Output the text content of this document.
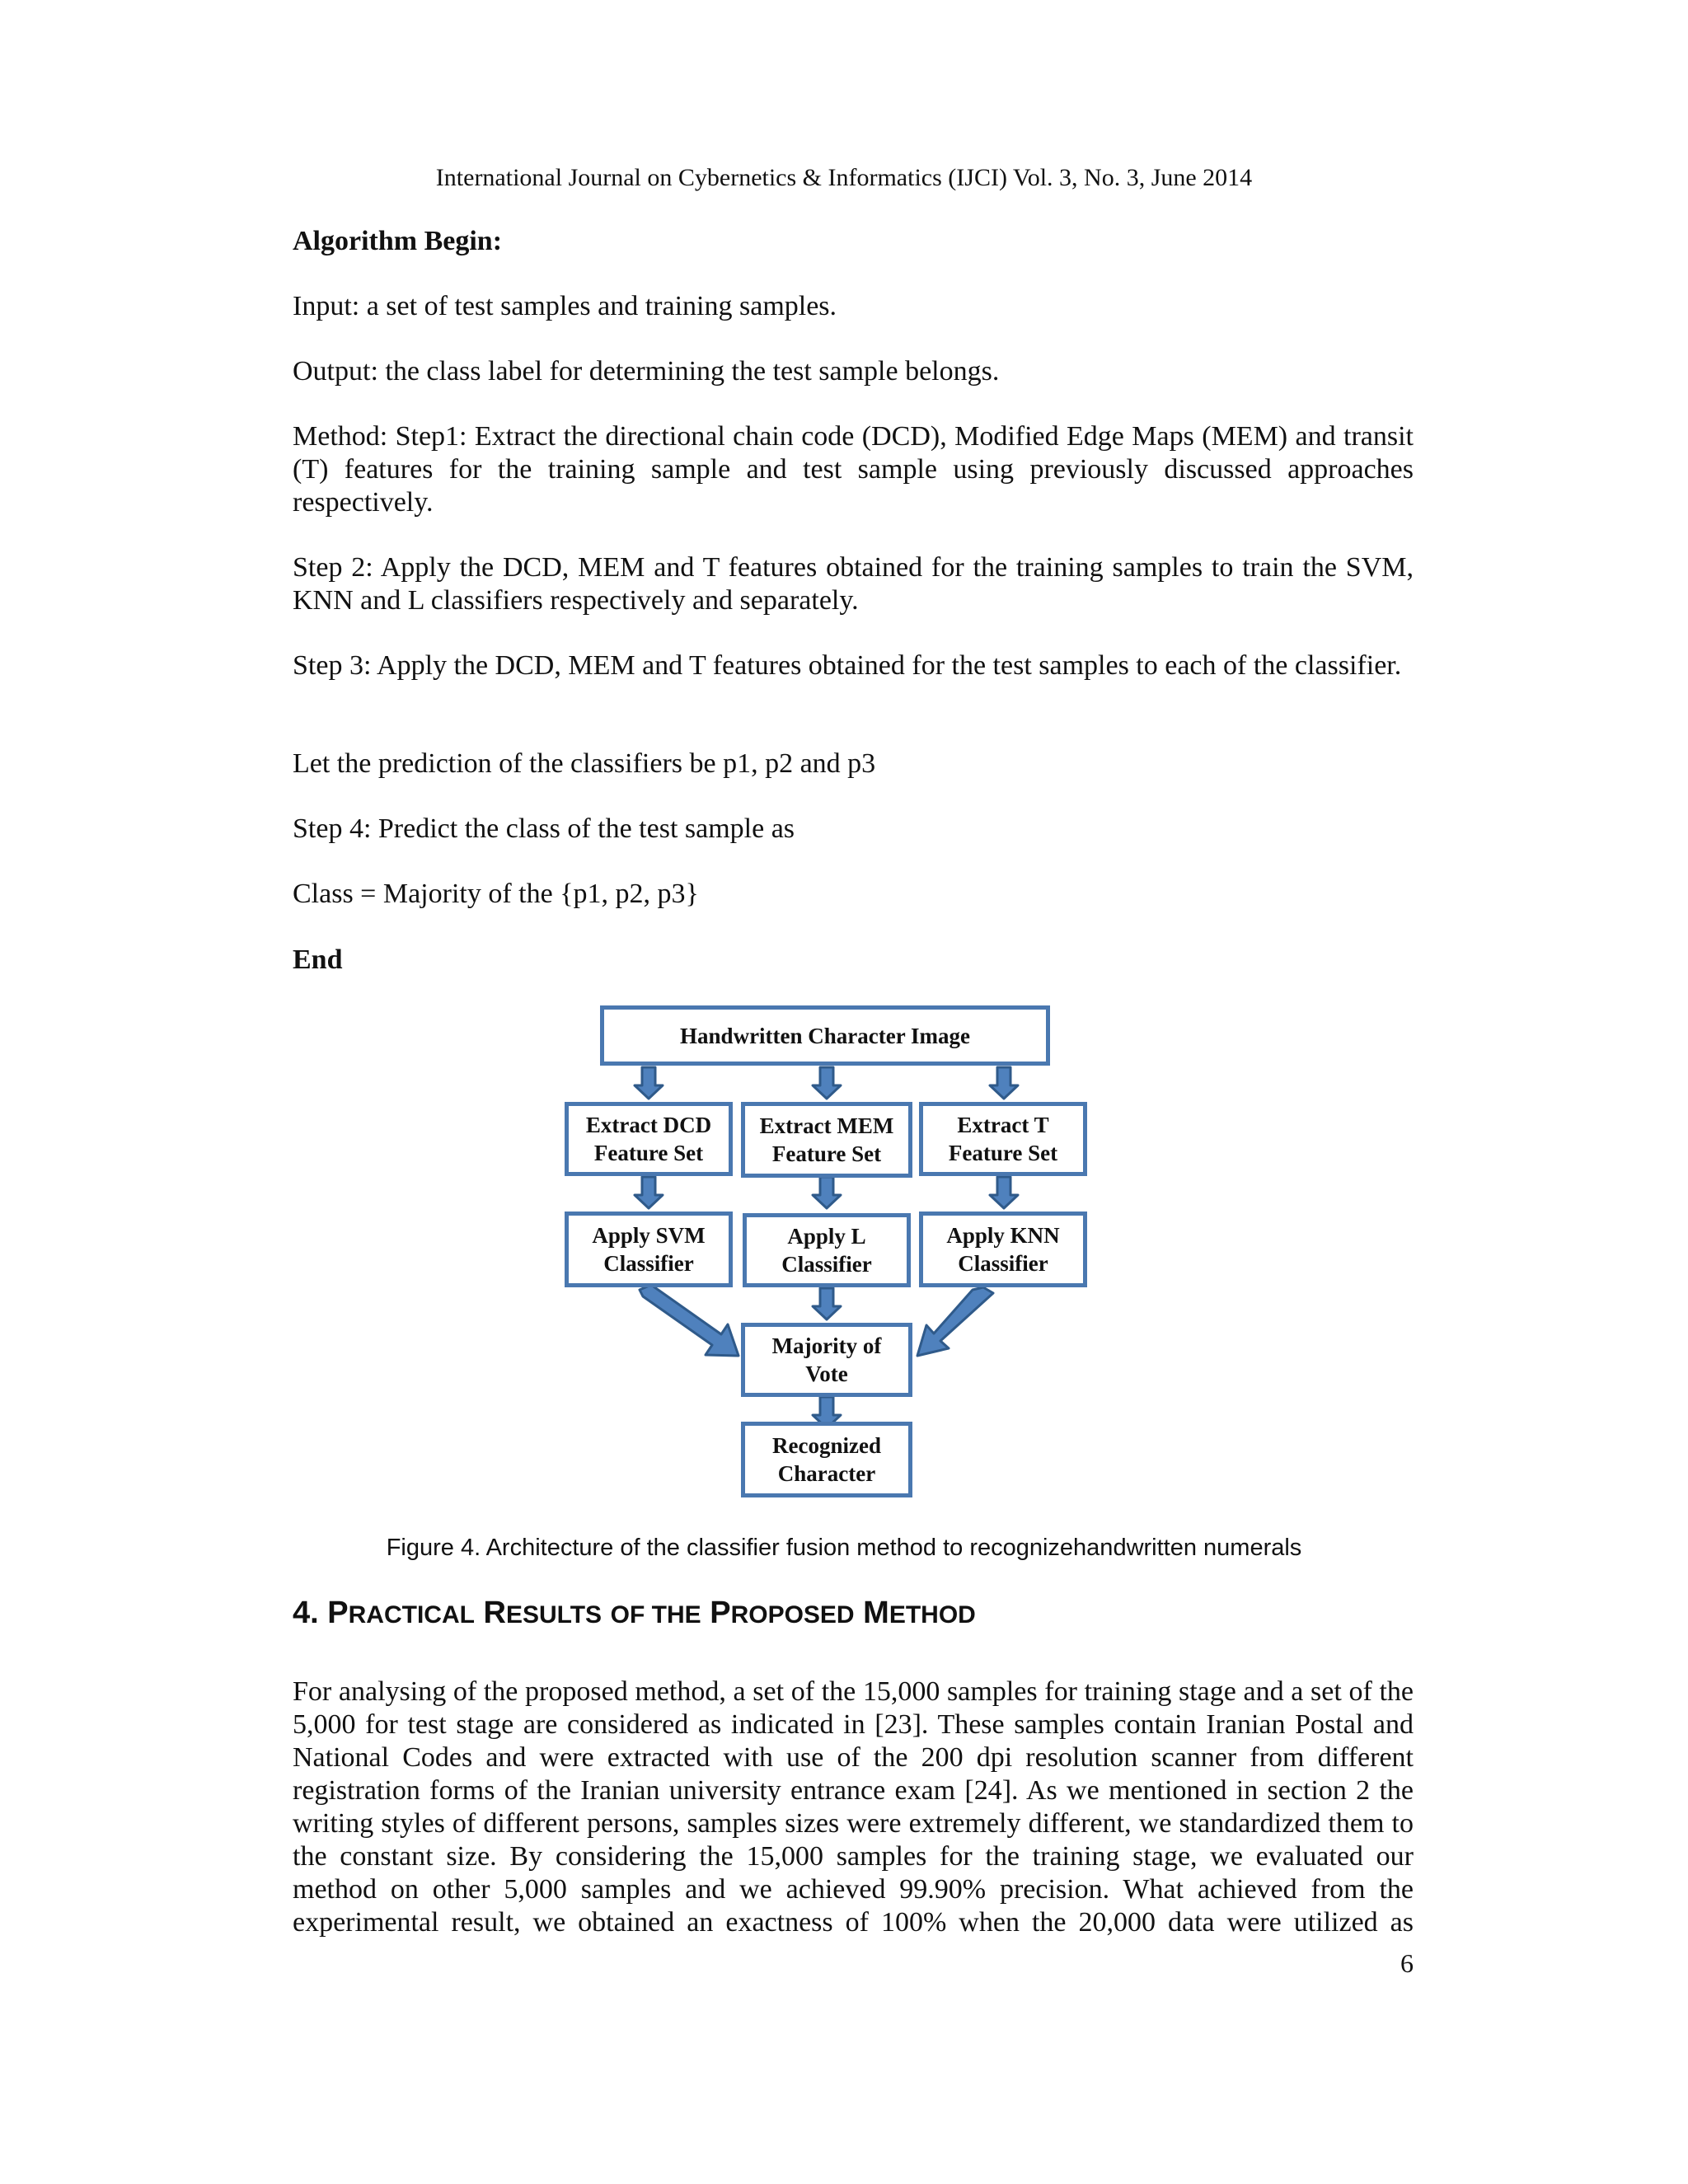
International Journal on Cybernetics & Informatics (IJCI) Vol. 3, No. 3, June 2014
Algorithm Begin:
Input: a set of test samples and training samples.
Output: the class label for determining the test sample belongs.
Method: Step1: Extract the directional chain code (DCD), Modified Edge Maps (MEM) and transit (T) features for the training sample and test sample using previously discussed approaches respectively.
Step 2: Apply the DCD, MEM and T features obtained for the training samples to train the SVM, KNN and L classifiers respectively and separately.
Step 3: Apply the DCD, MEM and T features obtained for the test samples to each of the classifier.
Let the prediction of the classifiers be p1, p2 and p3
Step 4: Predict the class of the test sample as
Class = Majority of the {p1, p2, p3}
End
Handwritten Character Image
Extract DCD
Feature Set
Extract MEM
Feature Set
Extract T
Feature Set
Apply SVM
Classifier
Apply L
Classifier
Apply KNN
Classifier
Majority of
Vote
Recognized
Character
Figure 4. Architecture of the classifier fusion method to recognizehandwritten numerals
4. PRACTICAL RESULTS OF THE PROPOSED METHOD
For analysing of the proposed method, a set of the 15,000 samples for training stage and a set of the 5,000 for test stage are considered as indicated in [23]. These samples contain Iranian Postal and National Codes and were extracted with use of the 200 dpi resolution scanner from different registration forms of the Iranian university entrance exam [24]. As we mentioned in section 2 the writing styles of different persons, samples sizes were extremely different, we standardized them to the constant size. By considering the 15,000 samples for the training stage, we evaluated our method on other 5,000 samples and we achieved 99.90% precision. What achieved from the experimental result, we obtained an exactness of 100% when the 20,000 data were utilized as
6
